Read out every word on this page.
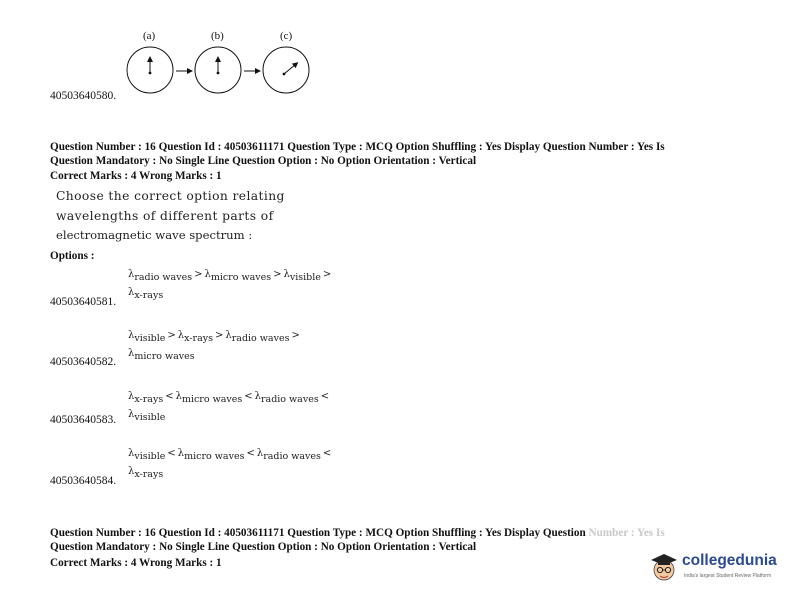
(a)	(b)	(c)
40503640580.
Question Number : 16 Question Id : 40503611171 Question Type : MCQ Option Shuffling : Yes Display Question Number : Yes Is
Question Mandatory : No Single Line Question Option : No Option Orientation : Vertical
Correct Marks : 4 Wrong Marks : 1
Choose the correct option relating
wavelengths of different parts of
electromagnetic wave spectrum :
Options :
$\lambda_{radio waves} > \lambda_{micro waves} > \lambda_{visible}$ >
$\lambda_{x-rays}$
40503640581.
$\lambda_{visible} > \lambda_{x-rays} > \lambda_{radio waves}$ >
$\lambda_{micro waves}$
40503640582.
$\lambda_{x-rays} < \lambda_{micro waves} < \lambda_{radio waves}$ <
$\lambda_{visible}$
40503640583.
$\lambda_{visible} < \lambda_{micro waves} < \lambda_{radio waves}$ <
$\lambda_{x-rays}$
40503640584.
Question Number : 16 Question Id : 40503611171 Question Type : MCQ Option Shuffling : Yes Display Question Number : Yes Is
Question Mandatory : No Single Line Question Option : No Option Orientation : Vertical
Correct Marks : 4 Wrong Marks : 1	collegedunia
India's largest Student Review Platform
